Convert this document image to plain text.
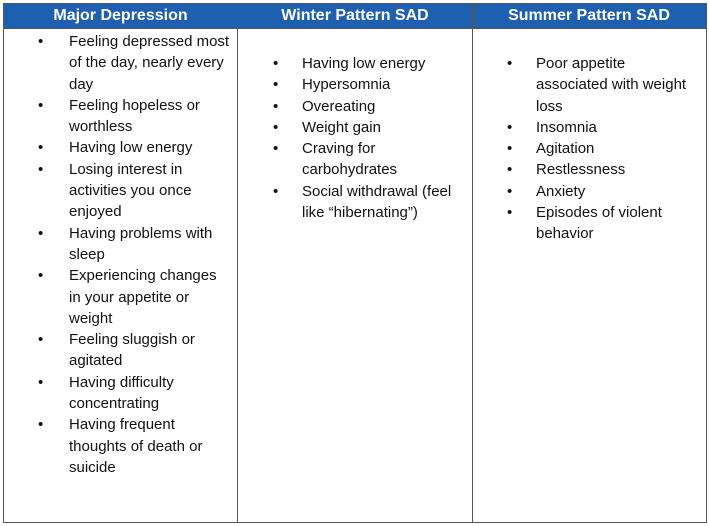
Major Depression	Winter Pattern SAD	Summer Pattern SAD
• Feeling depressed most of the day, nearly every day
• Feeling hopeless or worthless
• Having low energy
• Losing interest in activities you once enjoyed
• Having problems with sleep
• Experiencing changes in your appetite or weight
• Feeling sluggish or agitated
• Having difficulty concentrating
• Having frequent thoughts of death or suicide
• Having low energy
• Hypersomnia
• Overeating
• Weight gain
• Craving for carbohydrates
• Social withdrawal (feel like “hibernating”)
• Poor appetite associated with weight loss
• Insomnia
• Agitation
• Restlessness
• Anxiety
• Episodes of violent behavior
